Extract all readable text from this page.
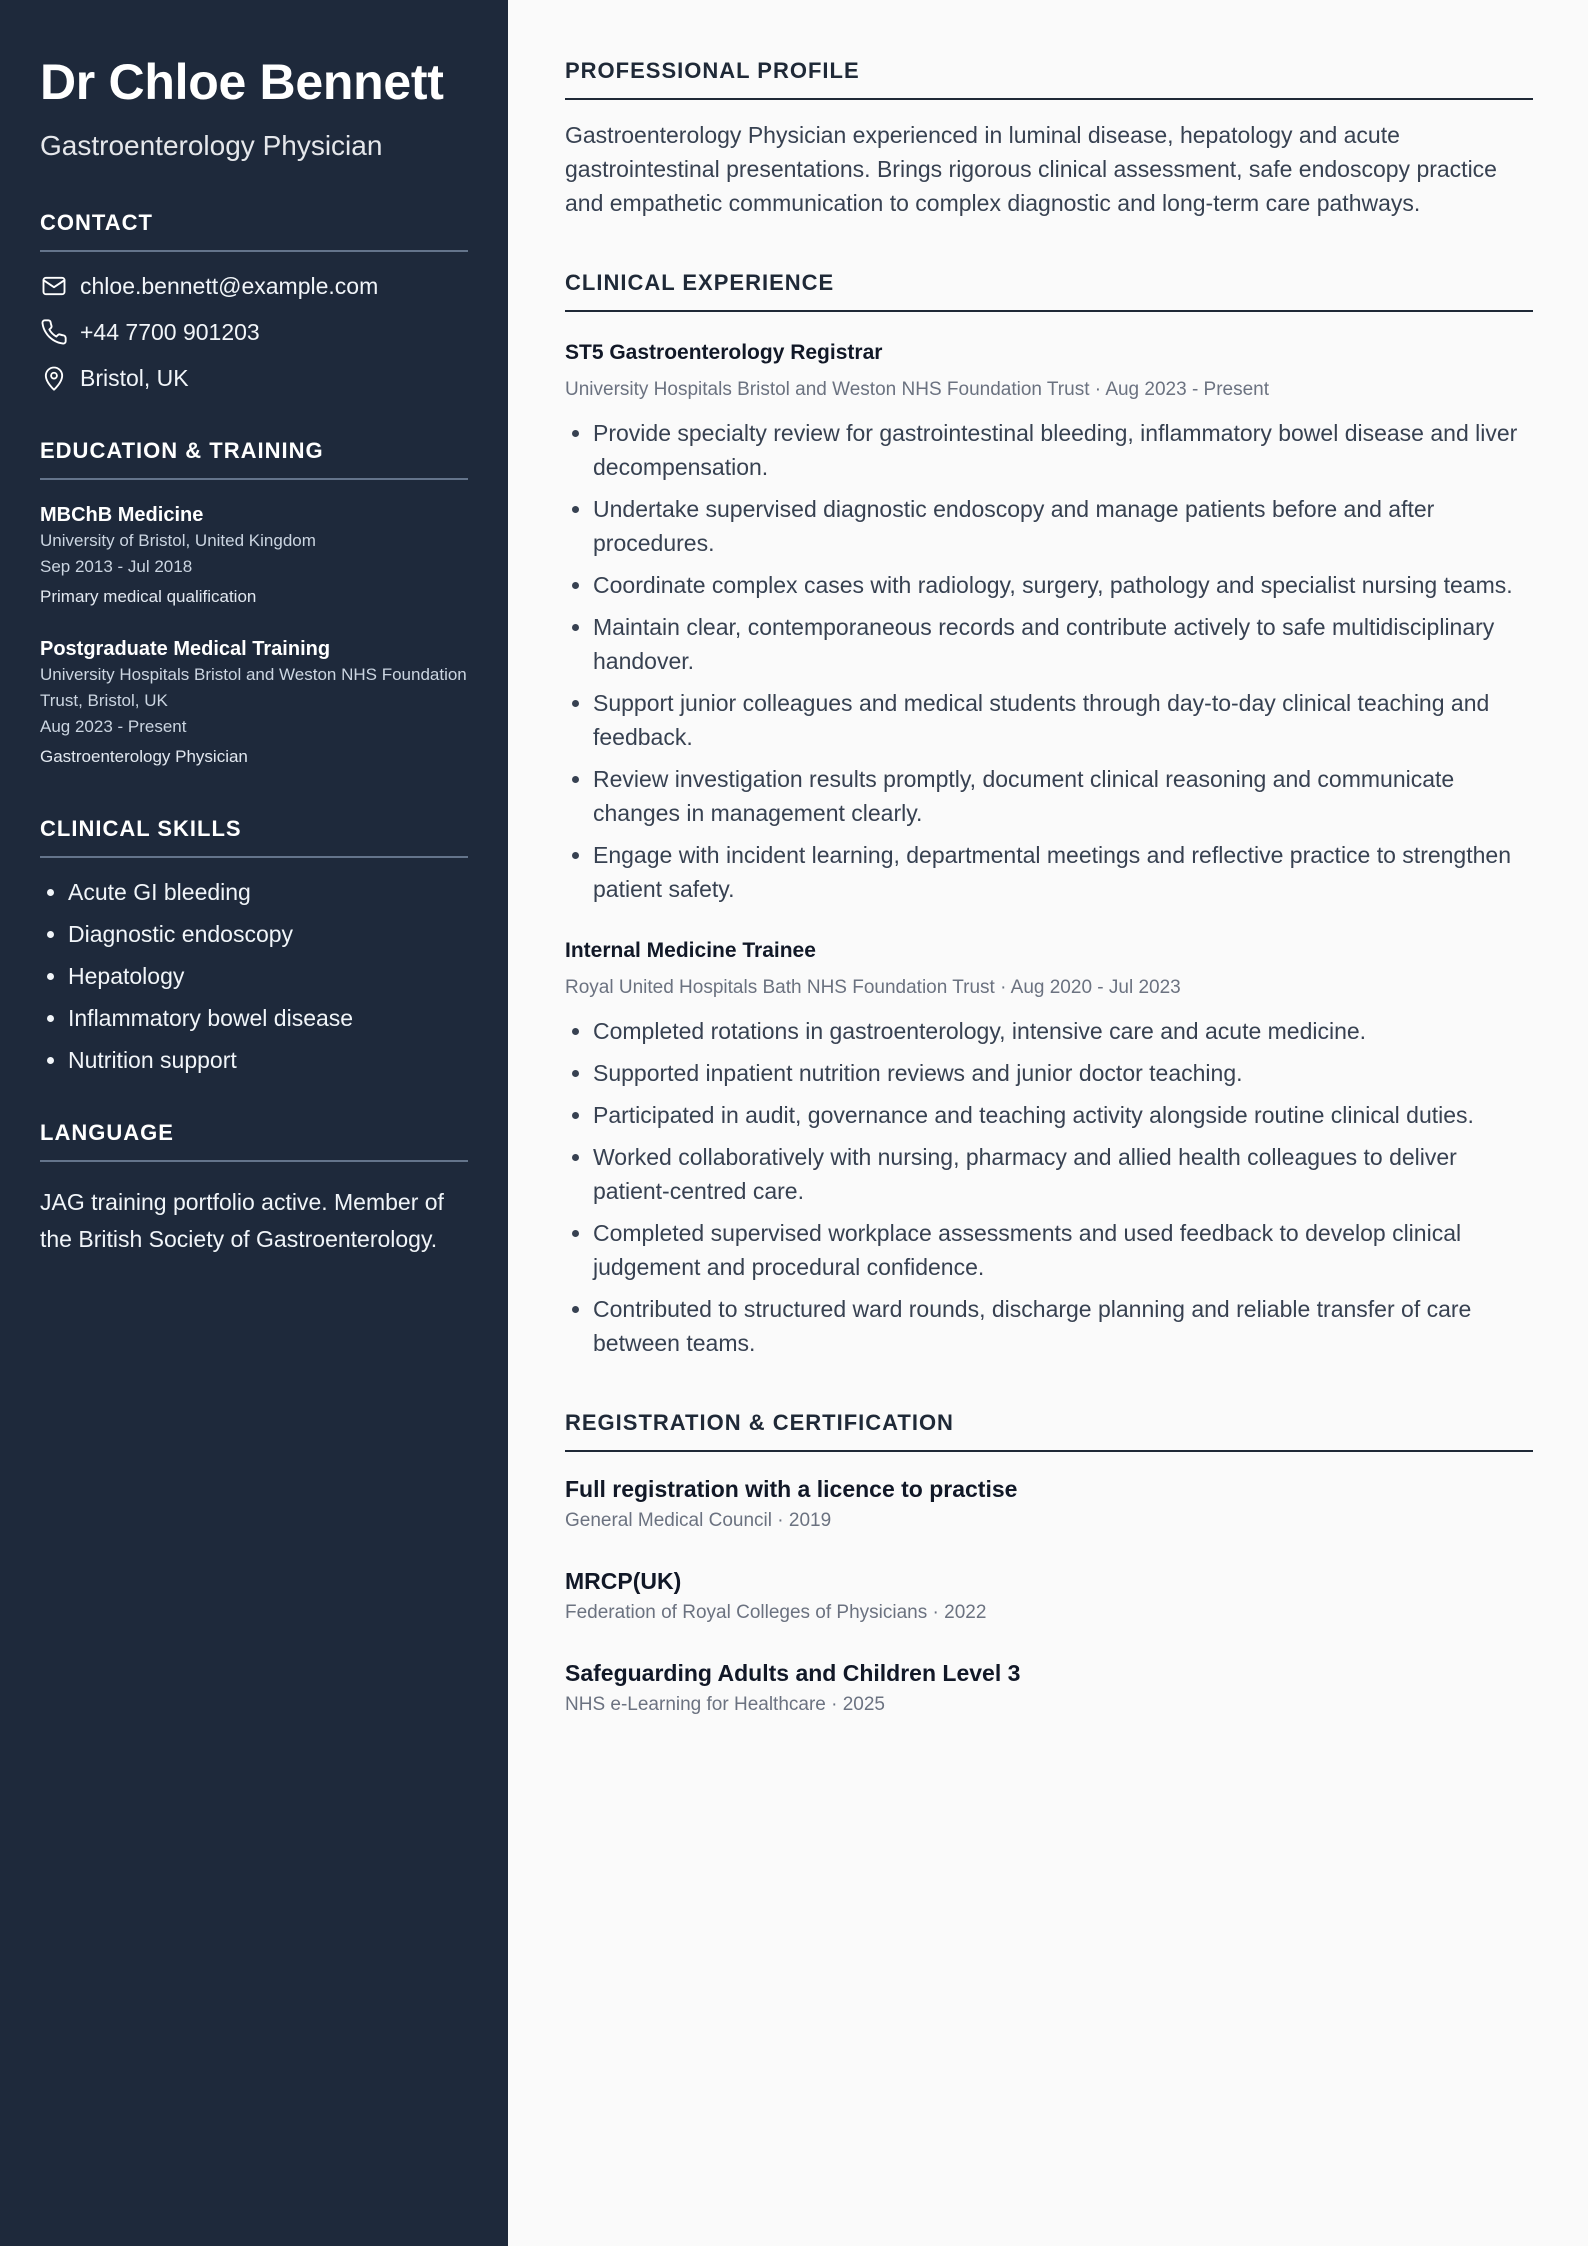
Dr Chloe Bennett
Gastroenterology Physician
CONTACT
chloe.bennett@example.com
+44 7700 901203
Bristol, UK
EDUCATION & TRAINING
MBChB Medicine
University of Bristol, United Kingdom
Sep 2013 - Jul 2018
Primary medical qualification
Postgraduate Medical Training
University Hospitals Bristol and Weston NHS Foundation Trust, Bristol, UK
Aug 2023 - Present
Gastroenterology Physician
CLINICAL SKILLS
• Acute GI bleeding
• Diagnostic endoscopy
• Hepatology
• Inflammatory bowel disease
• Nutrition support
LANGUAGE
JAG training portfolio active. Member of the British Society of Gastroenterology.
PROFESSIONAL PROFILE
Gastroenterology Physician experienced in luminal disease, hepatology and acute gastrointestinal presentations. Brings rigorous clinical assessment, safe endoscopy practice and empathetic communication to complex diagnostic and long-term care pathways.
CLINICAL EXPERIENCE
ST5 Gastroenterology Registrar
University Hospitals Bristol and Weston NHS Foundation Trust · Aug 2023 - Present
• Provide specialty review for gastrointestinal bleeding, inflammatory bowel disease and liver decompensation.
• Undertake supervised diagnostic endoscopy and manage patients before and after procedures.
• Coordinate complex cases with radiology, surgery, pathology and specialist nursing teams.
• Maintain clear, contemporaneous records and contribute actively to safe multidisciplinary handover.
• Support junior colleagues and medical students through day-to-day clinical teaching and feedback.
• Review investigation results promptly, document clinical reasoning and communicate changes in management clearly.
• Engage with incident learning, departmental meetings and reflective practice to strengthen patient safety.
Internal Medicine Trainee
Royal United Hospitals Bath NHS Foundation Trust · Aug 2020 - Jul 2023
• Completed rotations in gastroenterology, intensive care and acute medicine.
• Supported inpatient nutrition reviews and junior doctor teaching.
• Participated in audit, governance and teaching activity alongside routine clinical duties.
• Worked collaboratively with nursing, pharmacy and allied health colleagues to deliver patient-centred care.
• Completed supervised workplace assessments and used feedback to develop clinical judgement and procedural confidence.
• Contributed to structured ward rounds, discharge planning and reliable transfer of care between teams.
REGISTRATION & CERTIFICATION
Full registration with a licence to practise
General Medical Council · 2019
MRCP(UK)
Federation of Royal Colleges of Physicians · 2022
Safeguarding Adults and Children Level 3
NHS e-Learning for Healthcare · 2025
